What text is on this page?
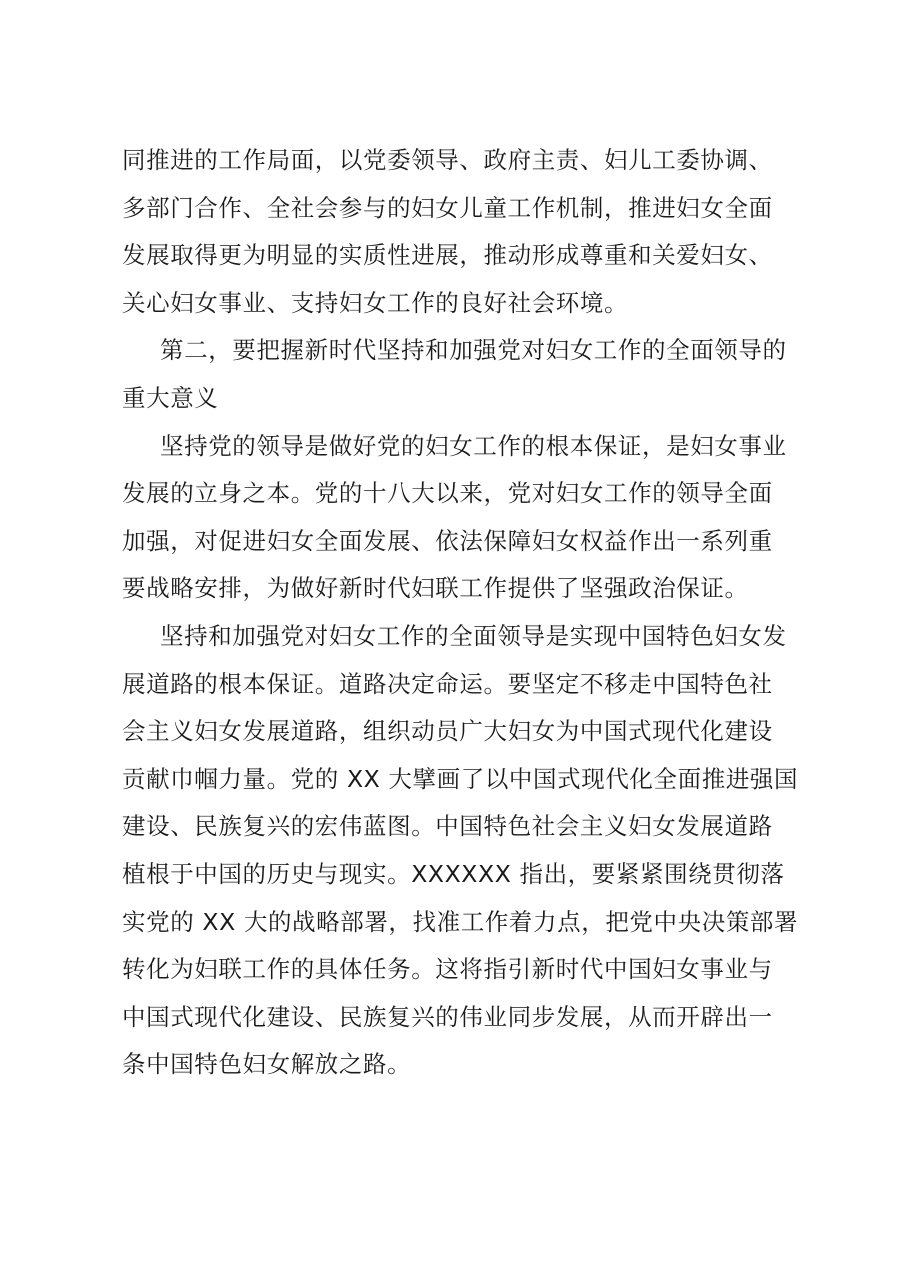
同推进的工作局面，以党委领导、政府主责、妇儿工委协调、
多部门合作、全社会参与的妇女儿童工作机制，推进妇女全面
发展取得更为明显的实质性进展，推动形成尊重和关爱妇女、
关心妇女事业、支持妇女工作的良好社会环境。
第二，要把握新时代坚持和加强党对妇女工作的全面领导的
重大意义
坚持党的领导是做好党的妇女工作的根本保证，是妇女事业
发展的立身之本。党的十八大以来，党对妇女工作的领导全面
加强，对促进妇女全面发展、依法保障妇女权益作出一系列重
要战略安排，为做好新时代妇联工作提供了坚强政治保证。
坚持和加强党对妇女工作的全面领导是实现中国特色妇女发
展道路的根本保证。道路决定命运。要坚定不移走中国特色社
会主义妇女发展道路，组织动员广大妇女为中国式现代化建设
贡献巾帼力量。党的 XX 大擘画了以中国式现代化全面推进强国
建设、民族复兴的宏伟蓝图。中国特色社会主义妇女发展道路
植根于中国的历史与现实。XXXXXX 指出，要紧紧围绕贯彻落
实党的 XX 大的战略部署，找准工作着力点，把党中央决策部署
转化为妇联工作的具体任务。这将指引新时代中国妇女事业与
中国式现代化建设、民族复兴的伟业同步发展，从而开辟出一
条中国特色妇女解放之路。
